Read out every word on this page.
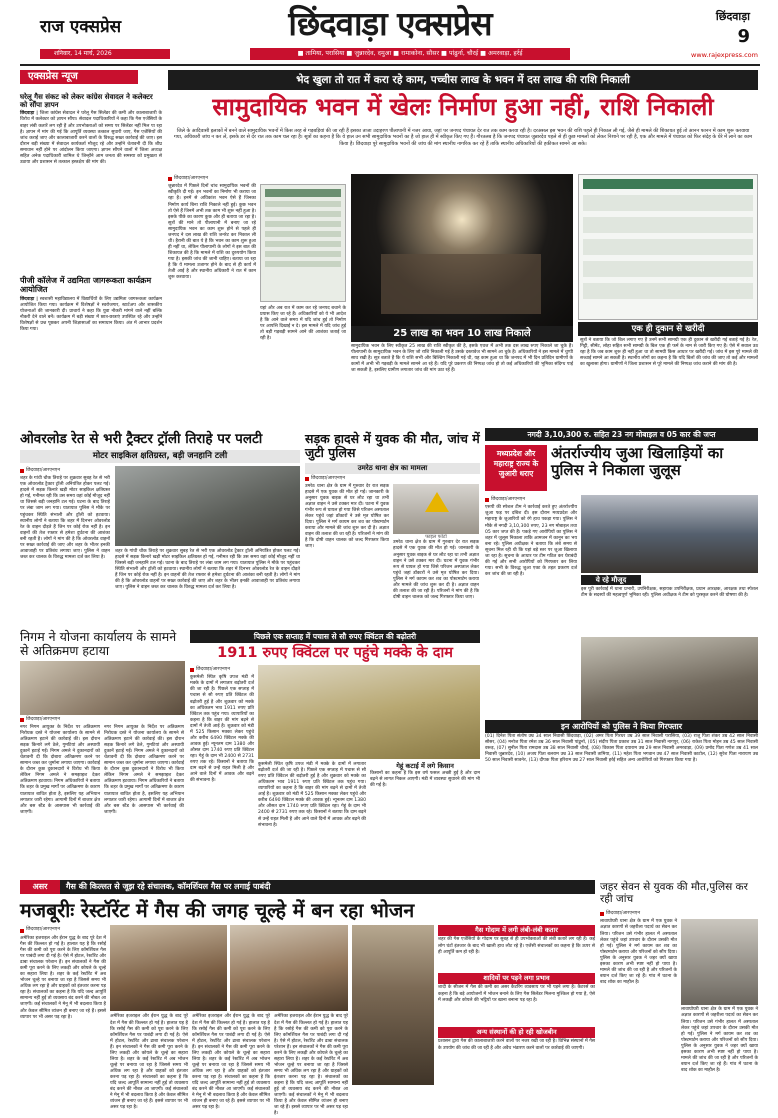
राज एक्सप्रेस
शनिवार, 14 मार्च, 2026
छिंदवाड़ा एक्सप्रेस
■ तामिया, परासिया ■ जुन्नारदेव, दमुआ ■ रामाकोना, सौसर ■ पांढुर्ना, चौरई ■ अमरवाड़ा, हर्रई
छिंदवाड़ा
9
www.rajexpress.com
एक्सप्रेस न्यूज
घरेलू गैस संकट को लेकर कांग्रेस सेवादल ने कलेक्टर को सौंपा ज्ञापन
छिंदवाड़ा | जिला कांग्रेस सेवादल ने घरेलू गैस सिलेंडर की कमी और कालाबाजारी के विरोध में कलेक्टर को ज्ञापन सौंपा। सेवादल पदाधिकारियों ने कहा कि गैस एजेंसियों के बाहर लंबी कतारें लग रही हैं और उपभोक्ताओं को समय पर सिलेंडर नहीं मिल पा रहा है। ज्ञापन में मांग की गई कि आपूर्ति व्यवस्था तत्काल सुधारी जाए, गैस एजेंसियों की जांच कराई जाए और कालाबाजारी करने वालों के विरुद्ध सख्त कार्रवाई की जाए। इस दौरान बड़ी संख्या में सेवादल कार्यकर्ता मौजूद रहे और उन्होंने चेतावनी दी कि शीघ्र समाधान नहीं होने पर आंदोलन किया जाएगा। ज्ञापन सौंपने वालों में जिला अध्यक्ष सहित अनेक पदाधिकारी शामिल थे जिन्होंने आम जनता की समस्या को प्रमुखता से उठाया और प्रशासन से तत्काल हस्तक्षेप की मांग की।
पीजी कॉलेज में उद्यमिता जागरूकता कार्यक्रम आयोजित
छिंदवाड़ा | स्वशासी महाविद्यालय में विद्यार्थियों के लिए उद्यमिता जागरूकता कार्यक्रम आयोजित किया गया। कार्यक्रम में विशेषज्ञों ने स्वरोजगार, स्टार्टअप और शासकीय योजनाओं की जानकारी दी। प्राचार्य ने कहा कि युवा नौकरी मांगने वाले नहीं बल्कि नौकरी देने वाले बनें। कार्यक्रम में बड़ी संख्या में छात्र-छात्राएं उपस्थित रहे और उन्होंने विशेषज्ञों से प्रश्न पूछकर अपनी जिज्ञासाओं का समाधान किया। अंत में आभार प्रदर्शन किया गया।
भेद खुला तो रात में करा रहे काम, पच्चीस लाख के भवन में दस लाख की राशि निकाली
सामुदायिक भवन में खेलः निर्माण हुआ नहीं, राशि निकाली
जिले के आदिवासी इलाकों में बनने वाले सामुदायिक भवनों में किस तरह से गड़बड़ियां की जा रही हैं इसका ताजा उदाहरण पीलापानी में नजर आया, जहां पर जनपद पंचायत देर रात तक काम करवा रही है। दरअसल इस भवन की राशि पहले ही निकाल ली गई, जैसे ही मामले की शिकायत हुई तो आनन फानन में काम शुरू करवाया गया, अधिकारी जांच न कर लें, इसके डर से देर रात तक काम चल रहा है। सूत्रों का कहना है कि ये हाल उन सभी सामुदायिक भवनों का है जो हाल ही में स्वीकृत किए गए हैं। गौरतलब है कि जनपद पंचायत जुन्नारदेव पहले से ही कुछ मामलों को लेकर निशाने पर रही है, एक और मामले में पंचायत को फिर संदेह के घेरे में लाने का काम किया है। छिंदवाड़ा पूरे सामुदायिक भवनों की जांच की मांग स्थानीय नागरिक कर रहे हैं ताकि स्थानीय अधिकारियों की हकीकत सामने आ सके।
छिंदवाड़ा/आरएनएन
जुन्नारदेव में पिछले दिनों चांच सामुदायिक भवनों की स्वीकृति दी गई। इन भवनों का निर्माण भी कराया जा रहा है। इनमें से अधिकांश भवन ऐसे हैं जिनका निर्माण कार्य बिना राशि निकाले नहीं हुई। कुछ भवन तो ऐसे हैं जिनमें अभी तक काम भी शुरू नहीं हुआ है। इसके पीछे का कारण कुछ और ही बताया जा रहा है। सूत्रों की माने तो पीलापानी में बनाए जा रहे सामुदायिक भवन का काम शुरू होने से पहले ही जनपद ने दस लाख की राशि जनरेट कर निकाल ली थी। हैरानी की बात ये है कि भवन का काम शुरू हुआ ही नहीं था, लेकिन पीलापानी के लोगों ने इस बात की शिकायत की है कि मामले में राशि का दुरुपयोग किया गया है। इसकी जांच की जानी चाहिए। बताया जा रहा है कि ये मामला उजागर होने के बाद से ही कार्य में तेजी आई है और स्थानीय अधिकारी ने रात में काम शुरू करवाया।
यहां और अब रात में काम कर रहे जनपद बचाने के प्रयास किए जा रहे हैं। अधिकारियों को ये भी आदेश है कि आने वाले समय में यदि जांच हुई तो निर्माण पर आपत्ति दिखाई न दे। इस मामले में यदि जांच हुई तो बड़ी गड़बड़ी सामने आने की आशंका जताई जा रही है।	25 लाख का भवन 10 लाख निकाले
सामुदायिक भवन के लिए स्वीकृत 25 लाख की राशि स्वीकृत की है, इसके एवज में अभी तक दस लाख रुपए निकाले जा चुके हैं। पीलापानी के सामुदायिक भवन के लिए जो राशि निकाली गई है उसके दस्तावेज भी सामने आ चुके हैं। अधिकारियों ने इस मामले में चुप्पी साध रखी है। सूत्र बताते हैं कि ये राशि सभी और बिल्डिंग निकाली गई थी, यह काम हुआ था कि जनपद में भी दिन प्रतिदिन ग्रामीणों के कामों में अभी भी गड़बड़ी के मामले सामने आ रहे हैं। यदि पूरे प्रकरण की निष्पक्ष जांच हो तो कई अधिकारियों की भूमिका संदिग्ध पाई जा सकती है, इसलिए ग्रामीण लगातार जांच की मांग उठा रहे हैं।
एक ही दुकान से खरीदी
सूत्रों ने बताया कि जो बिल लगाए गए हैं उनमें सभी सामग्री एक ही दुकान से खरीदी गई बताई गई है। रेत, गिट्टी, सीमेंट, लोहा सहित सभी सामग्री के बिल एक ही फर्म के नाम से जारी किए गए हैं। ऐसे में सवाल उठ रहा है कि जब काम शुरू ही नहीं हुआ था तो सामग्री किस आधार पर खरीदी गई। जांच में इस पूरे मामले की सच्चाई सामने आ सकती है। स्थानीय लोगों का कहना है कि यदि बिलों की जांच की जाए तो कई और मामलों का खुलासा होगा। ग्रामीणों ने जिला प्रशासन से पूरे मामले की निष्पक्ष जांच कराने की मांग की है।
ओवरलोड रेत से भरी ट्रैक्टर ट्रॉली तिराहे पर पलटी
मोटर साइकिल क्षतिग्रस्त, बड़ी जनहानि टली
छिंदवाड़ा/आरएनएन
शहर के गांधी चौक तिराहे पर शुक्रवार सुबह रेत से भरी एक ओवरलोड ट्रैक्टर ट्रॉली अनियंत्रित होकर पलट गई। हादसे में सड़क किनारे खड़ी मोटर साइकिल क्षतिग्रस्त हो गई, गनीमत रही कि उस समय वहां कोई मौजूद नहीं था जिससे बड़ी जनहानि टल गई। घटना के बाद तिराहे पर लंबा जाम लग गया। यातायात पुलिस ने मौके पर पहुंचकर स्थिति संभाली और ट्रॉली को हटवाया। स्थानीय लोगों ने बताया कि शहर में दिनभर ओवरलोड रेत के वाहन दौड़ते हैं जिन पर कोई रोक नहीं है। इन वाहनों की तेज रफ्तार से हमेशा दुर्घटना की आशंका बनी रहती है। लोगों ने मांग की है कि ओवरलोड वाहनों पर सख्त कार्रवाई की जाए और शहर के भीतर इनकी आवाजाही पर प्रतिबंध लगाया जाए। पुलिस ने वाहन जब्त कर चालक के विरुद्ध मामला दर्ज कर लिया है।
शहर के गांधी चौक तिराहे पर शुक्रवार सुबह रेत से भरी एक ओवरलोड ट्रैक्टर ट्रॉली अनियंत्रित होकर पलट गई। हादसे में सड़क किनारे खड़ी मोटर साइकिल क्षतिग्रस्त हो गई, गनीमत रही कि उस समय वहां कोई मौजूद नहीं था जिससे बड़ी जनहानि टल गई। घटना के बाद तिराहे पर लंबा जाम लग गया। यातायात पुलिस ने मौके पर पहुंचकर स्थिति संभाली और ट्रॉली को हटवाया। स्थानीय लोगों ने बताया कि शहर में दिनभर ओवरलोड रेत के वाहन दौड़ते हैं जिन पर कोई रोक नहीं है। इन वाहनों की तेज रफ्तार से हमेशा दुर्घटना की आशंका बनी रहती है। लोगों ने मांग की है कि ओवरलोड वाहनों पर सख्त कार्रवाई की जाए और शहर के भीतर इनकी आवाजाही पर प्रतिबंध लगाया जाए। पुलिस ने वाहन जब्त कर चालक के विरुद्ध मामला दर्ज कर लिया है।
सड़क हादसे में युवक की मौत, जांच में जुटी पुलिस
उमरेठ थाना क्षेत्र का मामला
छिंदवाड़ा/आरएनएन
उमरेठ थाना क्षेत्र के ग्राम में गुरुवार देर रात सड़क हादसे में एक युवक की मौत हो गई। जानकारी के अनुसार युवक बाइक से घर लौट रहा था तभी अज्ञात वाहन ने उसे टक्कर मार दी। घटना में युवक गंभीर रूप से घायल हो गया जिसे परिजन अस्पताल लेकर पहुंचे जहां डॉक्टरों ने उसे मृत घोषित कर दिया। पुलिस ने मर्ग कायम कर शव का पोस्टमार्टम कराया और मामले की जांच शुरू कर दी है। अज्ञात वाहन की तलाश की जा रही है। परिजनों ने मांग की है कि दोषी वाहन चालक को जल्द गिरफ्तार किया जाए।
फाइल फोटो
उमरेठ थाना क्षेत्र के ग्राम में गुरुवार देर रात सड़क हादसे में एक युवक की मौत हो गई। जानकारी के अनुसार युवक बाइक से घर लौट रहा था तभी अज्ञात वाहन ने उसे टक्कर मार दी। घटना में युवक गंभीर रूप से घायल हो गया जिसे परिजन अस्पताल लेकर पहुंचे जहां डॉक्टरों ने उसे मृत घोषित कर दिया। पुलिस ने मर्ग कायम कर शव का पोस्टमार्टम कराया और मामले की जांच शुरू कर दी है। अज्ञात वाहन की तलाश की जा रही है। परिजनों ने मांग की है कि दोषी वाहन चालक को जल्द गिरफ्तार किया जाए।
नगदी 3,10,300 रु. सहित 23 नग मोबाइल व 05 कार की जप्त
मध्यप्रदेश और महाराष्ट्र राज्य के जुआरी धराए
अंतर्राज्यीय जुआ खिलाड़ियों का पुलिस ने निकाला जुलूस
छिंदवाड़ा/आरएनएन
एसपी की स्पेशल टीम ने कार्रवाई करते हुए अंतर्राज्यीय जुआ फड़ पर दबिश दी। इस दौरान मध्यप्रदेश और महाराष्ट्र के जुआरियों को रंगे हाथ पकड़ा गया। पुलिस ने मौके से नगदी 3,10,300 रुपए, 23 नग मोबाइल तथा 05 कार जप्त की हैं। पकड़े गए आरोपियों का पुलिस ने शहर में जुलूस निकाला ताकि आमजन में कानून का भय बना रहे। पुलिस अधीक्षक ने बताया कि लंबे समय से सूचना मिल रही थी कि यहां बड़े स्तर पर जुआ खिलाया जा रहा है। सूचना के आधार पर टीम गठित कर घेराबंदी की गई और सभी आरोपियों को गिरफ्तार कर लिया गया। सभी के विरुद्ध जुआ एक्ट के तहत प्रकरण दर्ज कर जांच की जा रही है।
ये रहे मौजूद
इस पूरी कार्रवाई में थाना प्रभारी, उपनिरीक्षक, सहायक उपनिरीक्षक, प्रधान आरक्षक, आरक्षक तथा स्पेशल टीम के सदस्यों की महत्वपूर्ण भूमिका रही। पुलिस अधीक्षक ने टीम को पुरस्कृत करने की घोषणा की है।
इन आरोपियों को पुलिस ने किया गिरफ्तार
(01) दिनेश पिता संतोष उम्र 34 साल निवासी छिंदवाड़ा, (02) अमर पिता गिरधर उम्र 39 साल निवासी परासिया, (03) राजू पिता शंकर उम्र 42 साल निवासी सौसर, (04) मनोज पिता रमेश उम्र 36 साल निवासी पांढुर्ना, (05) संदीप पिता प्रकाश उम्र 31 साल निवासी नागपुर, (06) राकेश पिता मोहन उम्र 45 साल निवासी वरूड़, (07) सुनील पिता रामदास उम्र 38 साल निवासी चौरई, (08) विकास पिता दयाराम उम्र 29 साल निवासी अमरवाड़ा, (09) प्रमोद पिता गणेश उम्र 41 साल निवासी जुन्नारदेव, (10) अजय पिता बलराम उम्र 33 साल निवासी तामिया, (11) महेश पिता भगवान उम्र 47 साल निवासी काटोल, (12) सुरेश पिता नारायण उम्र 50 साल निवासी सावनेर, (13) दीपक पिता हरिराम उम्र 27 साल निवासी हर्रई सहित अन्य आरोपियों को गिरफ्तार किया गया है।
निगम ने योजना कार्यालय के सामने से अतिक्रमण हटाया
छिंदवाड़ा/आरएनएन
नगर निगम आयुक्त के निर्देश पर अतिक्रमण निरोधक दस्ते ने योजना कार्यालय के सामने से अतिक्रमण हटाने की कार्रवाई की। इस दौरान सड़क किनारे लगे ठेले, गुमटियां और अस्थायी दुकानें हटाई गईं। निगम अमले ने दुकानदारों को चेतावनी दी कि दोबारा अतिक्रमण करने पर सामान जब्त कर जुर्माना लगाया जाएगा। कार्रवाई के दौरान कुछ दुकानदारों ने विरोध भी किया लेकिन निगम अमले ने समझाइश देकर अतिक्रमण हटवाया। निगम अधिकारियों ने बताया कि शहर के प्रमुख मार्गों पर अतिक्रमण के कारण यातायात बाधित होता है, इसलिए यह अभियान लगातार जारी रहेगा। आगामी दिनों में बाजार क्षेत्र और बस स्टैंड के आसपास भी कार्रवाई की जाएगी।
नगर निगम आयुक्त के निर्देश पर अतिक्रमण निरोधक दस्ते ने योजना कार्यालय के सामने से अतिक्रमण हटाने की कार्रवाई की। इस दौरान सड़क किनारे लगे ठेले, गुमटियां और अस्थायी दुकानें हटाई गईं। निगम अमले ने दुकानदारों को चेतावनी दी कि दोबारा अतिक्रमण करने पर सामान जब्त कर जुर्माना लगाया जाएगा। कार्रवाई के दौरान कुछ दुकानदारों ने विरोध भी किया लेकिन निगम अमले ने समझाइश देकर अतिक्रमण हटवाया। निगम अधिकारियों ने बताया कि शहर के प्रमुख मार्गों पर अतिक्रमण के कारण यातायात बाधित होता है, इसलिए यह अभियान लगातार जारी रहेगा। आगामी दिनों में बाजार क्षेत्र और बस स्टैंड के आसपास भी कार्रवाई की जाएगी।
पिछले एक सप्ताह में पचास से सौ रुपए क्विंटल की बढ़ोतरी
1911 रुपए क्विंटल पर पहुंचे मक्के के दाम
छिंदवाड़ा/आरएनएन
कुसमेली स्थित कृषि उपज मंडी में मक्के के दामों में लगातार बढ़ोतरी दर्ज की जा रही है। पिछले एक सप्ताह में पचास से सौ रुपए प्रति क्विंटल की बढ़ोतरी हुई है और शुक्रवार को मक्के का अधिकतम भाव 1911 रुपए प्रति क्विंटल तक पहुंच गया। व्यापारियों का कहना है कि बाहर की मांग बढ़ने से दामों में तेजी आई है। शुक्रवार को मंडी में 525 किसान मक्का लेकर पहुंचे और करीब 6490 क्विंटल मक्के की आवक हुई। न्यूनतम दाम 1380 और औसत दाम 1740 रुपए प्रति क्विंटल रहा। गेहूं के दाम भी 2400 से 2731 रुपए तक रहे। किसानों ने बताया कि दाम बढ़ने से उन्हें राहत मिली है और आने वाले दिनों में आवक और बढ़ने की संभावना है।
कुसमेली स्थित कृषि उपज मंडी में मक्के के दामों में लगातार बढ़ोतरी दर्ज की जा रही है। पिछले एक सप्ताह में पचास से सौ रुपए प्रति क्विंटल की बढ़ोतरी हुई है और शुक्रवार को मक्के का अधिकतम भाव 1911 रुपए प्रति क्विंटल तक पहुंच गया। व्यापारियों का कहना है कि बाहर की मांग बढ़ने से दामों में तेजी आई है। शुक्रवार को मंडी में 525 किसान मक्का लेकर पहुंचे और करीब 6490 क्विंटल मक्के की आवक हुई। न्यूनतम दाम 1380 और औसत दाम 1740 रुपए प्रति क्विंटल रहा। गेहूं के दाम भी 2400 से 2731 रुपए तक रहे। किसानों ने बताया कि दाम बढ़ने से उन्हें राहत मिली है और आने वाले दिनों में आवक और बढ़ने की संभावना है।
गेहूं कटाई में लगे किसान
किसानों का कहना है कि इस वर्ष फसल अच्छी हुई है और दाम बढ़ने से लागत निकल आएगी। मंडी में व्यवस्था सुधारने की मांग भी की गई है।
असर	गैस की किल्लत से जूझ रहे संचालक, कॉमर्शियल गैस पर लगाई पाबंदी
मजबूरीः रेस्टॉरेंट में गैस की जगह चूल्हे में बन रहा भोजन
छिंदवाड़ा/आरएनएन
अमेरिका इजराइल और ईरान युद्ध के बाद पूरे देश में गैस की किल्लत हो गई है। हालात यह है कि रसोई गैस की कमी को पूरा करने के लिए कॉमर्शियल गैस पर पाबंदी लगा दी गई है। ऐसे में होटल, रेस्टॉरेंट और ढाबा संचालक परेशान हैं। इन संचालकों ने गैस की कमी पूरा करने के लिए लकड़ी और कोयले के चूल्हे का सहारा लिया है। शहर के कई रेस्टॉरेंट में अब भोजन चूल्हे पर बनाया जा रहा है जिससे समय भी अधिक लग रहा है और ग्राहकों को इंतजार करना पड़ रहा है। संचालकों का कहना है कि यदि जल्द आपूर्ति सामान्य नहीं हुई तो व्यवसाय बंद करने की नौबत आ जाएगी। कई संचालकों ने मेनू में भी बदलाव किया है और केवल सीमित व्यंजन ही बनाए जा रहे हैं। इससे व्यापार पर भी असर पड़ रहा है।	अमेरिका इजराइल और ईरान युद्ध के बाद पूरे देश में गैस की किल्लत हो गई है। हालात यह है कि रसोई गैस की कमी को पूरा करने के लिए कॉमर्शियल गैस पर पाबंदी लगा दी गई है। ऐसे में होटल, रेस्टॉरेंट और ढाबा संचालक परेशान हैं। इन संचालकों ने गैस की कमी पूरा करने के लिए लकड़ी और कोयले के चूल्हे का सहारा लिया है। शहर के कई रेस्टॉरेंट में अब भोजन चूल्हे पर बनाया जा रहा है जिससे समय भी अधिक लग रहा है और ग्राहकों को इंतजार करना पड़ रहा है। संचालकों का कहना है कि यदि जल्द आपूर्ति सामान्य नहीं हुई तो व्यवसाय बंद करने की नौबत आ जाएगी। कई संचालकों ने मेनू में भी बदलाव किया है और केवल सीमित व्यंजन ही बनाए जा रहे हैं। इससे व्यापार पर भी असर पड़ रहा है।
अमेरिका इजराइल और ईरान युद्ध के बाद पूरे देश में गैस की किल्लत हो गई है। हालात यह है कि रसोई गैस की कमी को पूरा करने के लिए कॉमर्शियल गैस पर पाबंदी लगा दी गई है। ऐसे में होटल, रेस्टॉरेंट और ढाबा संचालक परेशान हैं। इन संचालकों ने गैस की कमी पूरा करने के लिए लकड़ी और कोयले के चूल्हे का सहारा लिया है। शहर के कई रेस्टॉरेंट में अब भोजन चूल्हे पर बनाया जा रहा है जिससे समय भी अधिक लग रहा है और ग्राहकों को इंतजार करना पड़ रहा है। संचालकों का कहना है कि यदि जल्द आपूर्ति सामान्य नहीं हुई तो व्यवसाय बंद करने की नौबत आ जाएगी। कई संचालकों ने मेनू में भी बदलाव किया है और केवल सीमित व्यंजन ही बनाए जा रहे हैं। इससे व्यापार पर भी असर पड़ रहा है।
अमेरिका इजराइल और ईरान युद्ध के बाद पूरे देश में गैस की किल्लत हो गई है। हालात यह है कि रसोई गैस की कमी को पूरा करने के लिए कॉमर्शियल गैस पर पाबंदी लगा दी गई है। ऐसे में होटल, रेस्टॉरेंट और ढाबा संचालक परेशान हैं। इन संचालकों ने गैस की कमी पूरा करने के लिए लकड़ी और कोयले के चूल्हे का सहारा लिया है। शहर के कई रेस्टॉरेंट में अब भोजन चूल्हे पर बनाया जा रहा है जिससे समय भी अधिक लग रहा है और ग्राहकों को इंतजार करना पड़ रहा है। संचालकों का कहना है कि यदि जल्द आपूर्ति सामान्य नहीं हुई तो व्यवसाय बंद करने की नौबत आ जाएगी। कई संचालकों ने मेनू में भी बदलाव किया है और केवल सीमित व्यंजन ही बनाए जा रहे हैं। इससे व्यापार पर भी असर पड़ रहा है।
गैस गोदाम में लगी लंबी-लंबी कतार
शहर की गैस एजेंसियों के गोदाम पर सुबह से ही उपभोक्ताओं की लंबी कतारें लग रही हैं। कई लोग घंटों इंतजार के बाद भी खाली हाथ लौट रहे हैं। एजेंसी संचालकों का कहना है कि ऊपर से ही आपूर्ति कम हो रही है।
शादियों पर पड़ने लगा प्रभाव
शादी के सीजन में गैस की कमी का असर कैटरिंग व्यवसाय पर भी पड़ने लगा है। कैटरर्स का कहना है कि बड़े आयोजनों में भोजन बनाने के लिए गैस सिलेंडर मिलना मुश्किल हो गया है, ऐसे में लकड़ी और कोयले की भट्टियों पर खाना बनाना पड़ रहा है।
अन्य संस्थानों की हो रही खोजबीन
प्रशासन द्वारा गैस की कालाबाजारी करने वालों पर नजर रखी जा रही है। विभिन्न संस्थानों में गैस के उपयोग की जांच की जा रही है और अवैध भंडारण करने वालों पर कार्रवाई की जाएगी।
जहर सेवन से युवक की मौत,पुलिस कर रही जांच
छिंदवाड़ा/आरएनएन
लावाघोघरी थाना क्षेत्र के ग्राम में एक युवक ने अज्ञात कारणों से जहरीला पदार्थ का सेवन कर लिया। परिजन उसे गंभीर हालत में अस्पताल लेकर पहुंचे जहां उपचार के दौरान उसकी मौत हो गई। पुलिस ने मर्ग कायम कर शव का पोस्टमार्टम कराया और परिजनों को सौंप दिया। पुलिस के अनुसार युवक ने जहर क्यों खाया इसका कारण अभी स्पष्ट नहीं हो पाया है। मामले की जांच की जा रही है और परिजनों के बयान दर्ज किए जा रहे हैं। गांव में घटना के बाद शोक का माहौल है।
लावाघोघरी थाना क्षेत्र के ग्राम में एक युवक ने अज्ञात कारणों से जहरीला पदार्थ का सेवन कर लिया। परिजन उसे गंभीर हालत में अस्पताल लेकर पहुंचे जहां उपचार के दौरान उसकी मौत हो गई। पुलिस ने मर्ग कायम कर शव का पोस्टमार्टम कराया और परिजनों को सौंप दिया। पुलिस के अनुसार युवक ने जहर क्यों खाया इसका कारण अभी स्पष्ट नहीं हो पाया है। मामले की जांच की जा रही है और परिजनों के बयान दर्ज किए जा रहे हैं। गांव में घटना के बाद शोक का माहौल है।
